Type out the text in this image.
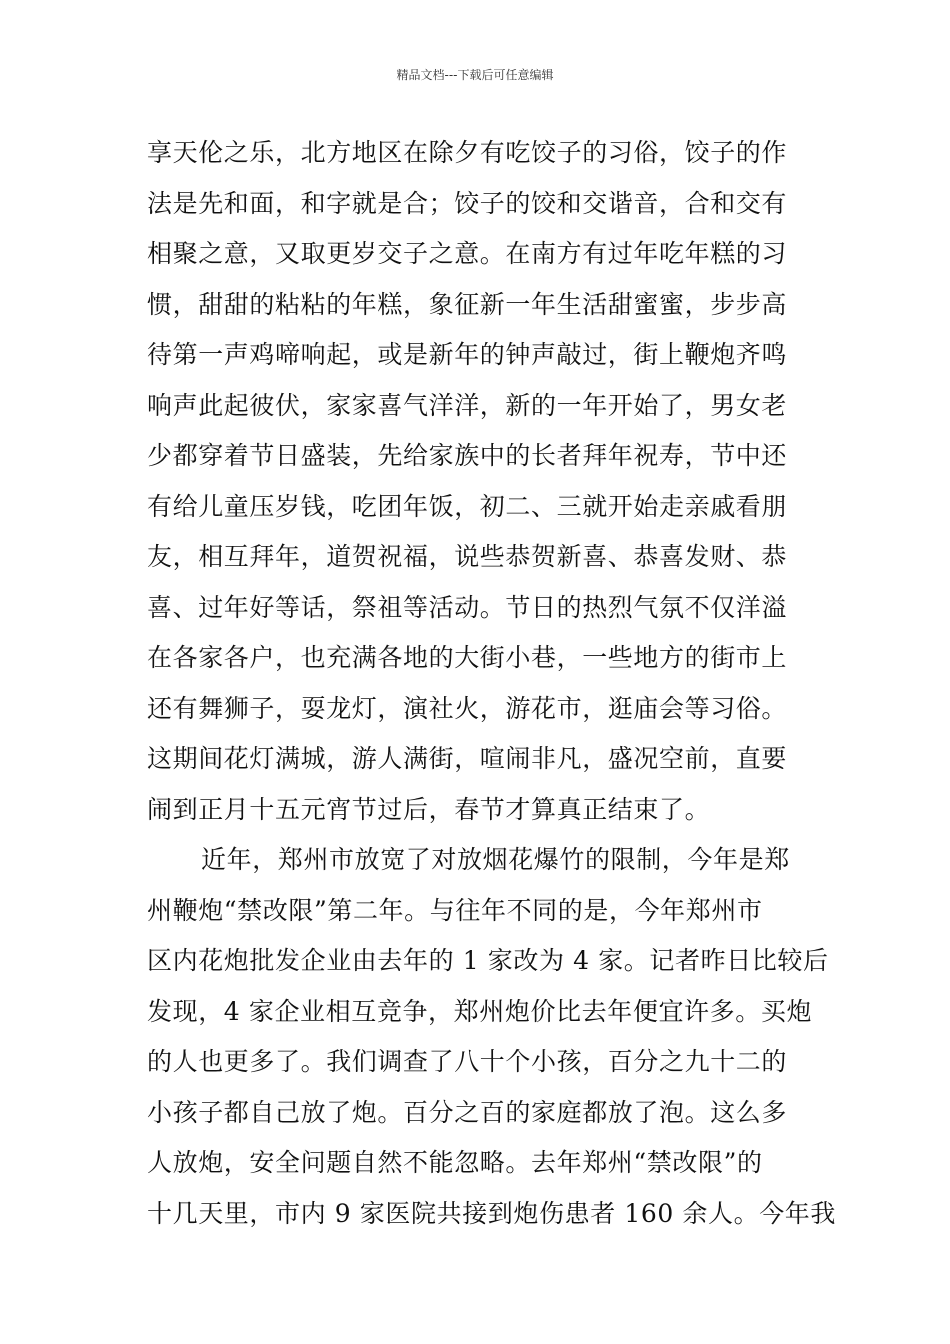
精品文档---下载后可任意编辑
享天伦之乐，北方地区在除夕有吃饺子的习俗，饺子的作
法是先和面，和字就是合；饺子的饺和交谐音，合和交有
相聚之意，又取更岁交子之意。在南方有过年吃年糕的习
惯，甜甜的粘粘的年糕，象征新一年生活甜蜜蜜，步步高
待第一声鸡啼响起，或是新年的钟声敲过，街上鞭炮齐鸣
响声此起彼伏，家家喜气洋洋，新的一年开始了，男女老
少都穿着节日盛装，先给家族中的长者拜年祝寿，节中还
有给儿童压岁钱，吃团年饭，初二、三就开始走亲戚看朋
友，相互拜年，道贺祝福，说些恭贺新喜、恭喜发财、恭
喜、过年好等话，祭祖等活动。节日的热烈气氛不仅洋溢
在各家各户，也充满各地的大街小巷，一些地方的街市上
还有舞狮子，耍龙灯，演社火，游花市，逛庙会等习俗。
这期间花灯满城，游人满街，喧闹非凡，盛况空前，直要
闹到正月十五元宵节过后，春节才算真正结束了。
近年，郑州市放宽了对放烟花爆竹的限制，今年是郑
州鞭炮“禁改限”第二年。与往年不同的是，今年郑州市
区内花炮批发企业由去年的 1 家改为 4 家。记者昨日比较后
发现，4 家企业相互竞争，郑州炮价比去年便宜许多。买炮
的人也更多了。我们调查了八十个小孩，百分之九十二的
小孩子都自己放了炮。百分之百的家庭都放了泡。这么多
人放炮，安全问题自然不能忽略。去年郑州“禁改限”的
十几天里，市内 9 家医院共接到炮伤患者 160 余人。今年我
